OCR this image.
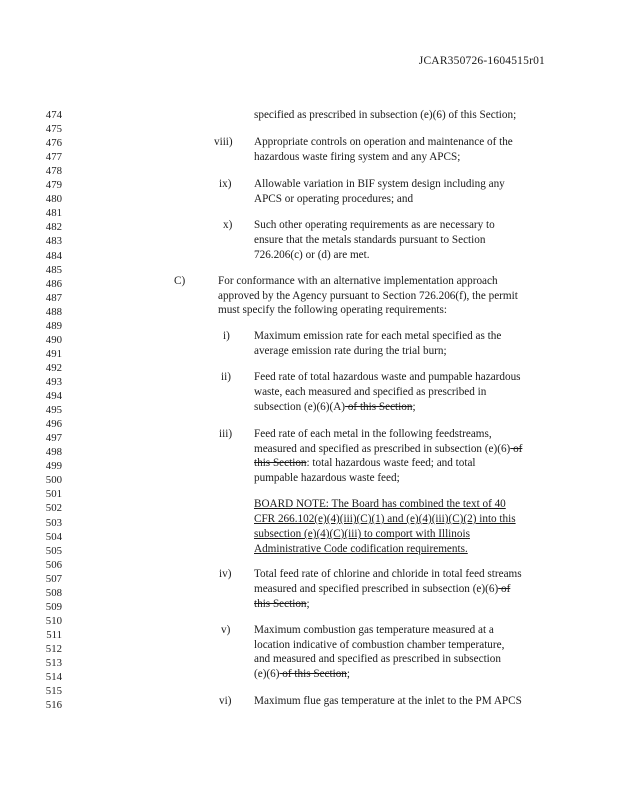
JCAR350726-1604515r01
474
475
476
477
478
479
480
481
482
483
484
485
486
487
488
489
490
491
492
493
494
495
496
497
498
499
500
501
502
503
504
505
506
507
508
509
510
511
512
513
514
515
516
specified as prescribed in subsection (e)(6) of this Section;
viii) Appropriate controls on operation and maintenance of the
hazardous waste firing system and any APCS;
ix) Allowable variation in BIF system design including any
APCS or operating procedures; and
x) Such other operating requirements as are necessary to
ensure that the metals standards pursuant to Section
726.206(c) or (d) are met.
C)	For conformance with an alternative implementation approach
approved by the Agency pursuant to Section 726.206(f), the permit
must specify the following operating requirements:
i) Maximum emission rate for each metal specified as the
average emission rate during the trial burn;
ii) Feed rate of total hazardous waste and pumpable hazardous
waste, each measured and specified as prescribed in
subsection (e)(6)(A) of this Section;
iii) Feed rate of each metal in the following feedstreams,
measured and specified as prescribed in subsection (e)(6) of
this Section: total hazardous waste feed; and total
pumpable hazardous waste feed;
BOARD NOTE: The Board has combined the text of 40
CFR 266.102(e)(4)(iii)(C)(1) and (e)(4)(iii)(C)(2) into this
subsection (e)(4)(C)(iii) to comport with Illinois
Administrative Code codification requirements.
iv) Total feed rate of chlorine and chloride in total feed streams
measured and specified prescribed in subsection (e)(6) of
this Section;
v) Maximum combustion gas temperature measured at a
location indicative of combustion chamber temperature,
and measured and specified as prescribed in subsection
(e)(6) of this Section;
vi) Maximum flue gas temperature at the inlet to the PM APCS
